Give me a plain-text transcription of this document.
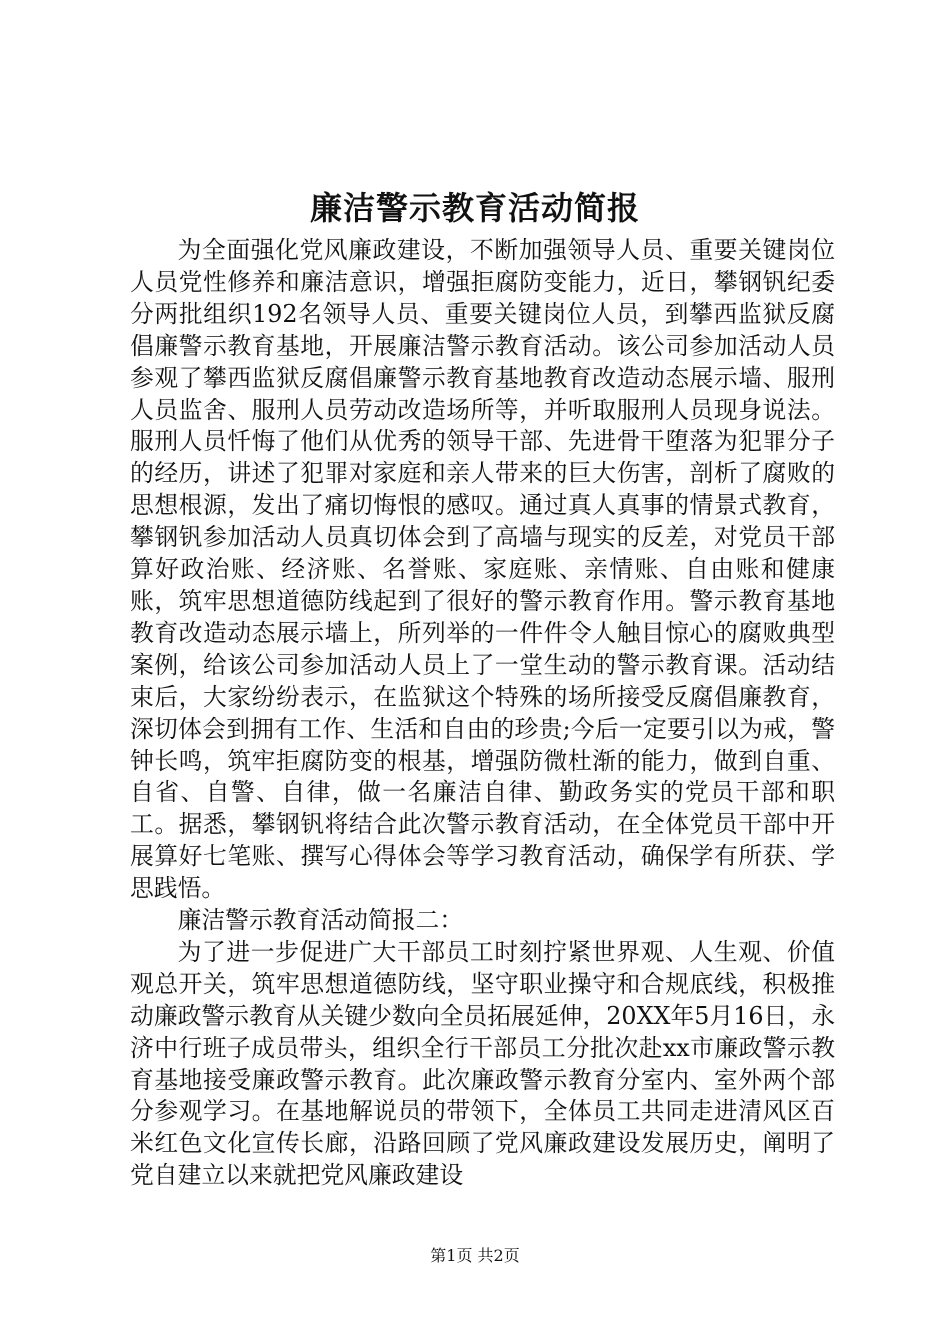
廉洁警示教育活动简报

为全面强化党风廉政建设，不断加强领导人员、重要关键岗位人员党性修养和廉洁意识，增强拒腐防变能力，近日，攀钢钒纪委分两批组织192名领导人员、重要关键岗位人员，到攀西监狱反腐倡廉警示教育基地，开展廉洁警示教育活动。该公司参加活动人员参观了攀西监狱反腐倡廉警示教育基地教育改造动态展示墙、服刑人员监舍、服刑人员劳动改造场所等，并听取服刑人员现身说法。服刑人员忏悔了他们从优秀的领导干部、先进骨干堕落为犯罪分子的经历，讲述了犯罪对家庭和亲人带来的巨大伤害，剖析了腐败的思想根源，发出了痛切悔恨的感叹。通过真人真事的情景式教育，攀钢钒参加活动人员真切体会到了高墙与现实的反差，对党员干部算好政治账、经济账、名誉账、家庭账、亲情账、自由账和健康账，筑牢思想道德防线起到了很好的警示教育作用。警示教育基地教育改造动态展示墙上，所列举的一件件令人触目惊心的腐败典型案例，给该公司参加活动人员上了一堂生动的警示教育课。活动结束后，大家纷纷表示，在监狱这个特殊的场所接受反腐倡廉教育，深切体会到拥有工作、生活和自由的珍贵;今后一定要引以为戒，警钟长鸣，筑牢拒腐防变的根基，增强防微杜渐的能力，做到自重、自省、自警、自律，做一名廉洁自律、勤政务实的党员干部和职工。据悉，攀钢钒将结合此次警示教育活动，在全体党员干部中开展算好七笔账、撰写心得体会等学习教育活动，确保学有所获、学思践悟。

廉洁警示教育活动简报二：

为了进一步促进广大干部员工时刻拧紧世界观、人生观、价值观总开关，筑牢思想道德防线，坚守职业操守和合规底线，积极推动廉政警示教育从关键少数向全员拓展延伸，20XX年5月16日，永济中行班子成员带头，组织全行干部员工分批次赴xx市廉政警示教育基地接受廉政警示教育。此次廉政警示教育分室内、室外两个部分参观学习。在基地解说员的带领下，全体员工共同走进清风区百米红色文化宣传长廊，沿路回顾了党风廉政建设发展历史，阐明了党自建立以来就把党风廉政建设

第1页 共2页
